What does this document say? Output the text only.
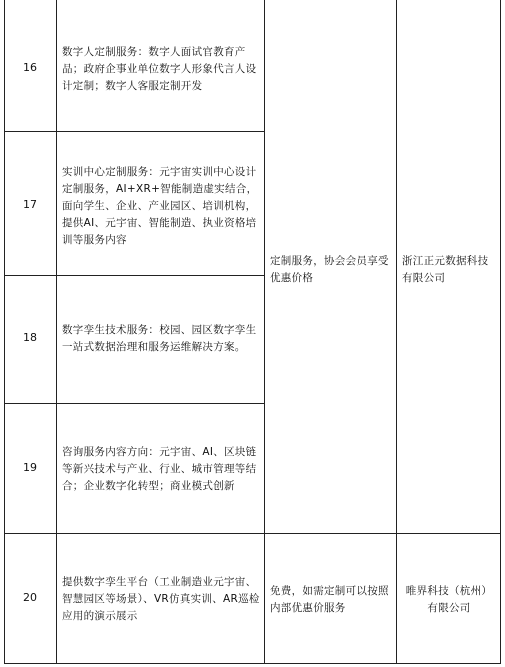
16
数字人定制服务：数字人面试官教育产品；政府企事业单位数字人形象代言人设计定制；数字人客服定制开发
17
实训中心定制服务：元宇宙实训中心设计定制服务，AI+XR+智能制造虚实结合，面向学生、企业、产业园区、培训机构，提供AI、元宇宙、智能制造、执业资格培训等服务内容
18
数字孪生技术服务：校园、园区数字孪生一站式数据治理和服务运维解决方案。
19
咨询服务内容方向：元宇宙、AI、区块链等新兴技术与产业、行业、城市管理等结合；企业数字化转型；商业模式创新
定制服务，协会会员享受优惠价格
浙江正元数据科技有限公司
20
提供数字孪生平台（工业制造业元宇宙、智慧园区等场景）、VR仿真实训、AR巡检应用的演示展示
免费，如需定制可以按照内部优惠价服务
唯界科技（杭州）有限公司
